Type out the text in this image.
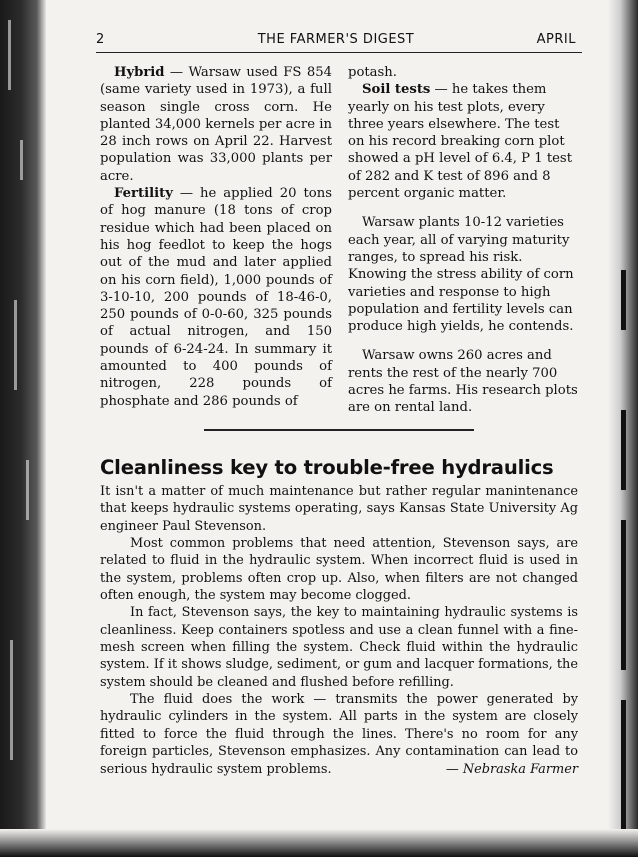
2	THE FARMER'S DIGEST	APRIL

Hybrid — Warsaw used FS 854 (same variety used in 1973), a full season single cross corn. He planted 34,000 kernels per acre in 28 inch rows on April 22. Harvest population was 33,000 plants per acre.

Fertility — he applied 20 tons of hog manure (18 tons of crop residue which had been placed on his hog feedlot to keep the hogs out of the mud and later applied on his corn field), 1,000 pounds of 3-10-10, 200 pounds of 18-46-0, 250 pounds of 0-0-60, 325 pounds of actual nitrogen, and 150 pounds of 6-24-24. In summary it amounted to 400 pounds of nitrogen, 228 pounds of phosphate and 286 pounds of

potash.

Soil tests — he takes them yearly on his test plots, every three years elsewhere. The test on his record breaking corn plot showed a pH level of 6.4, P 1 test of 282 and K test of 896 and 8 percent organic matter.

Warsaw plants 10-12 varieties each year, all of varying maturity ranges, to spread his risk. Knowing the stress ability of corn varieties and response to high population and fertility levels can produce high yields, he contends.

Warsaw owns 260 acres and rents the rest of the nearly 700 acres he farms. His research plots are on rental land.

Cleanliness key to trouble-free hydraulics

It isn't a matter of much maintenance but rather regular manintenance that keeps hydraulic systems operating, says Kansas State University Ag engineer Paul Stevenson.

Most common problems that need attention, Stevenson says, are related to fluid in the hydraulic system. When incorrect fluid is used in the system, problems often crop up. Also, when filters are not changed often enough, the system may become clogged.

In fact, Stevenson says, the key to maintaining hydraulic systems is cleanliness. Keep containers spotless and use a clean funnel with a fine-mesh screen when filling the system. Check fluid within the hydraulic system. If it shows sludge, sediment, or gum and lacquer formations, the system should be cleaned and flushed before refilling.

The fluid does the work — transmits the power generated by hydraulic cylinders in the system. All parts in the system are closely fitted to force the fluid through the lines. There's no room for any foreign particles, Stevenson emphasizes. Any contamination can lead to serious hydraulic system problems.	— Nebraska Farmer
